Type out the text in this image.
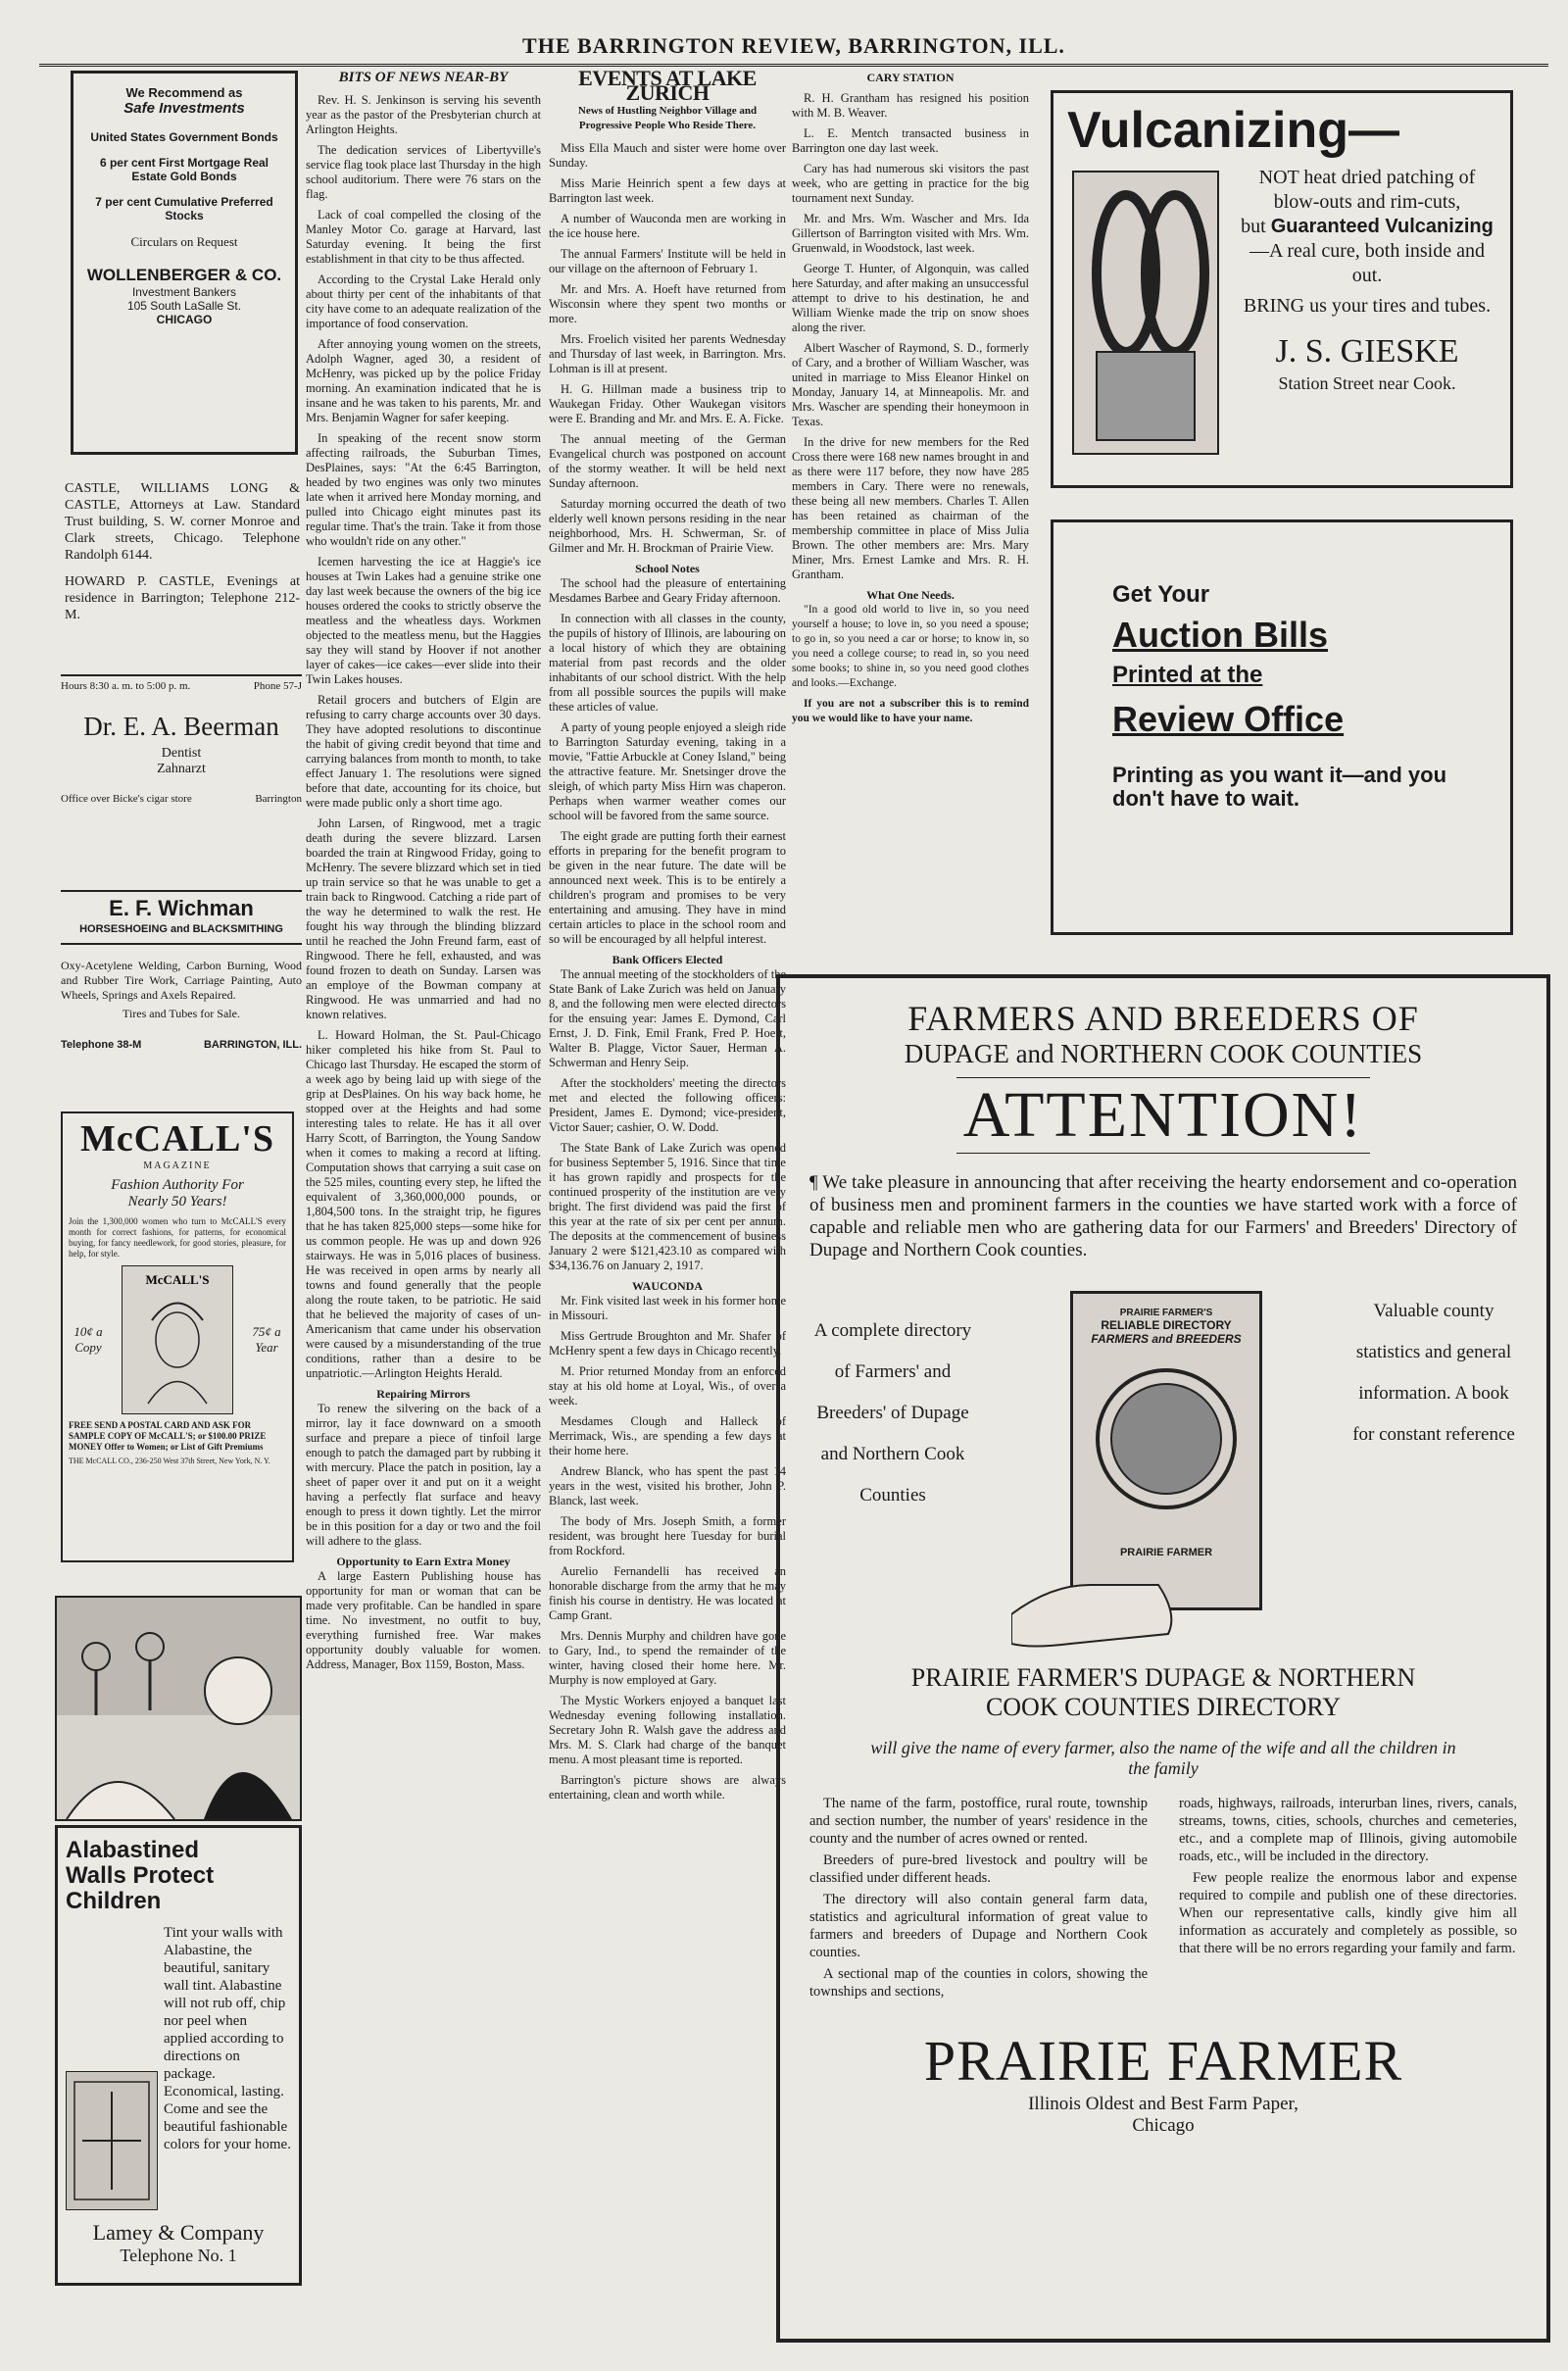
THE BARRINGTON REVIEW, BARRINGTON, ILL.
We Recommend as
Safe Investments
United States Government Bonds
6 per cent First Mortgage Real Estate Gold Bonds
7 per cent Cumulative Preferred Stocks
Circulars on Request
WOLLENBERGER & CO.
Investment Bankers
105 South LaSalle St.
CHICAGO

CASTLE, WILLIAMS LONG & CASTLE, Attorneys at Law. Standard Trust building, S. W. corner Monroe and Clark streets, Chicago. Telephone Randolph 6144.

HOWARD P. CASTLE, Evenings at residence in Barrington; Telephone 212-M.

Hours 8:30 a. m. to 5:00 p. m.	Phone 57-J
Dr. E. A. Beerman
Dentist
Zahnarzt
Office over Bicke's cigar store	Barrington
E. F. Wichman
HORSESHOEING and BLACKSMITHING
Oxy-Acetylene Welding, Carbon Burning, Wood and Rubber Tire Work, Carriage Painting, Auto Wheels, Springs and Axels Repaired.
Tires and Tubes for Sale.
Telephone 38-M	BARRINGTON, ILL.
McCALL'S
MAGAZINE
Fashion Authority For Nearly 50 Years!
Join the 1,300,000 women who turn to McCALL'S every month for correct fashions, for patterns, for economical buying, for fancy needlework, for good stories, pleasure, for help, for style.
10¢ a Copy
McCALL'S
75¢ a Year
FREE SEND A POSTAL CARD AND ASK FOR SAMPLE COPY OF McCALL'S; or $100.00 PRIZE MONEY Offer to Women; or List of Gift Premiums
THE McCALL CO., 236-250 West 37th Street, New York, N. Y.
Alabastined Walls Protect Children
Tint your walls with Alabastine, the beautiful, sanitary wall tint. Alabastine will not rub off, chip nor peel when applied according to directions on package. Economical, lasting. Come and see the beautiful fashionable colors for your home.
Lamey & Company
Telephone No. 1
BITS OF NEWS NEAR-BY

Rev. H. S. Jenkinson is serving his seventh year as the pastor of the Presbyterian church at Arlington Heights.

The dedication services of Libertyville's service flag took place last Thursday in the high school auditorium. There were 76 stars on the flag.

Lack of coal compelled the closing of the Manley Motor Co. garage at Harvard, last Saturday evening. It being the first establishment in that city to be thus affected.

According to the Crystal Lake Herald only about thirty per cent of the inhabitants of that city have come to an adequate realization of the importance of food conservation.

After annoying young women on the streets, Adolph Wagner, aged 30, a resident of McHenry, was picked up by the police Friday morning. An examination indicated that he is insane and he was taken to his parents, Mr. and Mrs. Benjamin Wagner for safer keeping.

In speaking of the recent snow storm affecting railroads, the Suburban Times, DesPlaines, says: "At the 6:45 Barrington, headed by two engines was only two minutes late when it arrived here Monday morning, and pulled into Chicago eight minutes past its regular time. That's the train. Take it from those who wouldn't ride on any other."

Icemen harvesting the ice at Haggie's ice houses at Twin Lakes had a genuine strike one day last week because the owners of the big ice houses ordered the cooks to strictly observe the meatless and the wheatless days. Workmen objected to the meatless menu, but the Haggies say they will stand by Hoover if not another layer of cakes—ice cakes—ever slide into their Twin Lakes houses.

Retail grocers and butchers of Elgin are refusing to carry charge accounts over 30 days. They have adopted resolutions to discontinue the habit of giving credit beyond that time and carrying balances from month to month, to take effect January 1. The resolutions were signed before that date, accounting for its choice, but were made public only a short time ago.

John Larsen, of Ringwood, met a tragic death during the severe blizzard. Larsen boarded the train at Ringwood Friday, going to McHenry. The severe blizzard which set in tied up train service so that he was unable to get a train back to Ringwood. Catching a ride part of the way he determined to walk the rest. He fought his way through the blinding blizzard until he reached the John Freund farm, east of Ringwood. There he fell, exhausted, and was found frozen to death on Sunday. Larsen was an employe of the Bowman company at Ringwood. He was unmarried and had no known relatives.

L. Howard Holman, the St. Paul-Chicago hiker completed his hike from St. Paul to Chicago last Thursday. He escaped the storm of a week ago by being laid up with siege of the grip at DesPlaines. On his way back home, he stopped over at the Heights and had some interesting tales to relate. He has it all over Harry Scott, of Barrington, the Young Sandow when it comes to making a record at lifting. Computation shows that carrying a suit case on the 525 miles, counting every step, he lifted the equivalent of 3,360,000,000 pounds, or 1,804,500 tons. In the straight trip, he figures that he has taken 825,000 steps—some hike for us common people. He was up and down 926 stairways. He was in 5,016 places of business. He was received in open arms by nearly all towns and found generally that the people along the route taken, to be patriotic. He said that he believed the majority of cases of un-Americanism that came under his observation were caused by a misunderstanding of the true conditions, rather than a desire to be unpatriotic.—Arlington Heights Herald.

Repairing Mirrors

To renew the silvering on the back of a mirror, lay it face downward on a smooth surface and prepare a piece of tinfoil large enough to patch the damaged part by rubbing it with mercury. Place the patch in position, lay a sheet of paper over it and put on it a weight having a perfectly flat surface and heavy enough to press it down tightly. Let the mirror be in this position for a day or two and the foil will adhere to the glass.

Opportunity to Earn Extra Money

A large Eastern Publishing house has opportunity for man or woman that can be made very profitable. Can be handled in spare time. No investment, no outfit to buy, everything furnished free. War makes opportunity doubly valuable for women. Address, Manager, Box 1159, Boston, Mass.

EVENTS AT LAKE ZURICH
News of Hustling Neighbor Village and Progressive People Who Reside There.

Miss Ella Mauch and sister were home over Sunday.

Miss Marie Heinrich spent a few days at Barrington last week.

A number of Wauconda men are working in the ice house here.

The annual Farmers' Institute will be held in our village on the afternoon of February 1.

Mr. and Mrs. A. Hoeft have returned from Wisconsin where they spent two months or more.

Mrs. Froelich visited her parents Wednesday and Thursday of last week, in Barrington. Mrs. Lohman is ill at present.

H. G. Hillman made a business trip to Waukegan Friday. Other Waukegan visitors were E. Branding and Mr. and Mrs. E. A. Ficke.

The annual meeting of the German Evangelical church was postponed on account of the stormy weather. It will be held next Sunday afternoon.

Saturday morning occurred the death of two elderly well known persons residing in the near neighborhood, Mrs. H. Schwerman, Sr. of Gilmer and Mr. H. Brockman of Prairie View.

School Notes

The school had the pleasure of entertaining Mesdames Barbee and Geary Friday afternoon.

In connection with all classes in the county, the pupils of history of Illinois, are labouring on a local history of which they are obtaining material from past records and the older inhabitants of our school district. With the help from all possible sources the pupils will make these articles of value.

A party of young people enjoyed a sleigh ride to Barrington Saturday evening, taking in a movie, "Fattie Arbuckle at Coney Island," being the attractive feature. Mr. Snetsinger drove the sleigh, of which party Miss Hirn was chaperon. Perhaps when warmer weather comes our school will be favored from the same source.

The eight grade are putting forth their earnest efforts in preparing for the benefit program to be given in the near future. The date will be announced next week. This is to be entirely a children's program and promises to be very entertaining and amusing. They have in mind certain articles to place in the school room and so will be encouraged by all helpful interest.

Bank Officers Elected

The annual meeting of the stockholders of the State Bank of Lake Zurich was held on January 8, and the following men were elected directors for the ensuing year: James E. Dymond, Carl Ernst, J. D. Fink, Emil Frank, Fred P. Hoeft, Walter B. Plagge, Victor Sauer, Herman A. Schwerman and Henry Seip.

After the stockholders' meeting the directors met and elected the following officers: President, James E. Dymond; vice-president, Victor Sauer; cashier, O. W. Dodd.

The State Bank of Lake Zurich was opened for business September 5, 1916. Since that time it has grown rapidly and prospects for the continued prosperity of the institution are very bright. The first dividend was paid the first of this year at the rate of six per cent per annum. The deposits at the commencement of business January 2 were $121,423.10 as compared with $34,136.76 on January 2, 1917.

WAUCONDA

Mr. Fink visited last week in his former home in Missouri.

Miss Gertrude Broughton and Mr. Shafer of McHenry spent a few days in Chicago recently.

M. Prior returned Monday from an enforced stay at his old home at Loyal, Wis., of over a week.

Mesdames Clough and Halleck of Merrimack, Wis., are spending a few days at their home here.

Andrew Blanck, who has spent the past 14 years in the west, visited his brother, John P. Blanck, last week.

The body of Mrs. Joseph Smith, a former resident, was brought here Tuesday for burial from Rockford.

Aurelio Fernandelli has received an honorable discharge from the army that he may finish his course in dentistry. He was located at Camp Grant.

Mrs. Dennis Murphy and children have gone to Gary, Ind., to spend the remainder of the winter, having closed their home here. Mr. Murphy is now employed at Gary.

The Mystic Workers enjoyed a banquet last Wednesday evening following installation. Secretary John R. Walsh gave the address and Mrs. M. S. Clark had charge of the banquet menu. A most pleasant time is reported.

Barrington's picture shows are always entertaining, clean and worth while.

CARY STATION

R. H. Grantham has resigned his position with M. B. Weaver.

L. E. Mentch transacted business in Barrington one day last week.

Cary has had numerous ski visitors the past week, who are getting in practice for the big tournament next Sunday.

Mr. and Mrs. Wm. Wascher and Mrs. Ida Gillertson of Barrington visited with Mrs. Wm. Gruenwald, in Woodstock, last week.

George T. Hunter, of Algonquin, was called here Saturday, and after making an unsuccessful attempt to drive to his destination, he and William Wienke made the trip on snow shoes along the river.

Albert Wascher of Raymond, S. D., formerly of Cary, and a brother of William Wascher, was united in marriage to Miss Eleanor Hinkel on Monday, January 14, at Minneapolis. Mr. and Mrs. Wascher are spending their honeymoon in Texas.

In the drive for new members for the Red Cross there were 168 new names brought in and as there were 117 before, they now have 285 members in Cary. There were no renewals, these being all new members. Charles T. Allen has been retained as chairman of the membership committee in place of Miss Julia Brown. The other members are: Mrs. Mary Miner, Mrs. Ernest Lamke and Mrs. R. H. Grantham.

What One Needs.

"In a good old world to live in, so you need yourself a house; to love in, so you need a spouse; to go in, so you need a car or horse; to know in, so you need a college course; to read in, so you need some books; to shine in, so you need good clothes and looks.—Exchange.

If you are not a subscriber this is to remind you we would like to have your name.

Vulcanizing—
NOT heat dried patching of blow-outs and rim-cuts,
but Guaranteed Vulcanizing—A real cure, both inside and out.
BRING us your tires and tubes.
J. S. GIESKE
Station Street near Cook.
Get Your
Auction Bills
Printed at the
Review Office
Printing as you want it—and you don't have to wait.
FARMERS AND BREEDERS OF
DUPAGE and NORTHERN COOK COUNTIES
ATTENTION!
¶ We take pleasure in announcing that after receiving the hearty endorsement and co-operation of business men and prominent farmers in the counties we have started work with a force of capable and reliable men who are gathering data for our Farmers' and Breeders' Directory of Dupage and Northern Cook counties.
A complete directory of Farmers' and Breeders' of Dupage and Northern Cook Counties
PRAIRIE FARMER'S
RELIABLE DIRECTORY
FARMERS and BREEDERS
PRAIRIE FARMER
Valuable county statistics and general information. A book for constant reference
PRAIRIE FARMER'S DUPAGE & NORTHERN
COOK COUNTIES DIRECTORY
will give the name of every farmer, also the name of the wife and all the children in the family

The name of the farm, postoffice, rural route, township and section number, the number of years' residence in the county and the number of acres owned or rented.

Breeders of pure-bred livestock and poultry will be classified under different heads.

The directory will also contain general farm data, statistics and agricultural information of great value to farmers and breeders of Dupage and Northern Cook counties.

A sectional map of the counties in colors, showing the townships and sections,

roads, highways, railroads, interurban lines, rivers, canals, streams, towns, cities, schools, churches and cemeteries, etc., and a complete map of Illinois, giving automobile roads, etc., will be included in the directory.

Few people realize the enormous labor and expense required to compile and publish one of these directories. When our representative calls, kindly give him all information as accurately and completely as possible, so that there will be no errors regarding your family and farm.

PRAIRIE FARMER
Illinois Oldest and Best Farm Paper,
Chicago
